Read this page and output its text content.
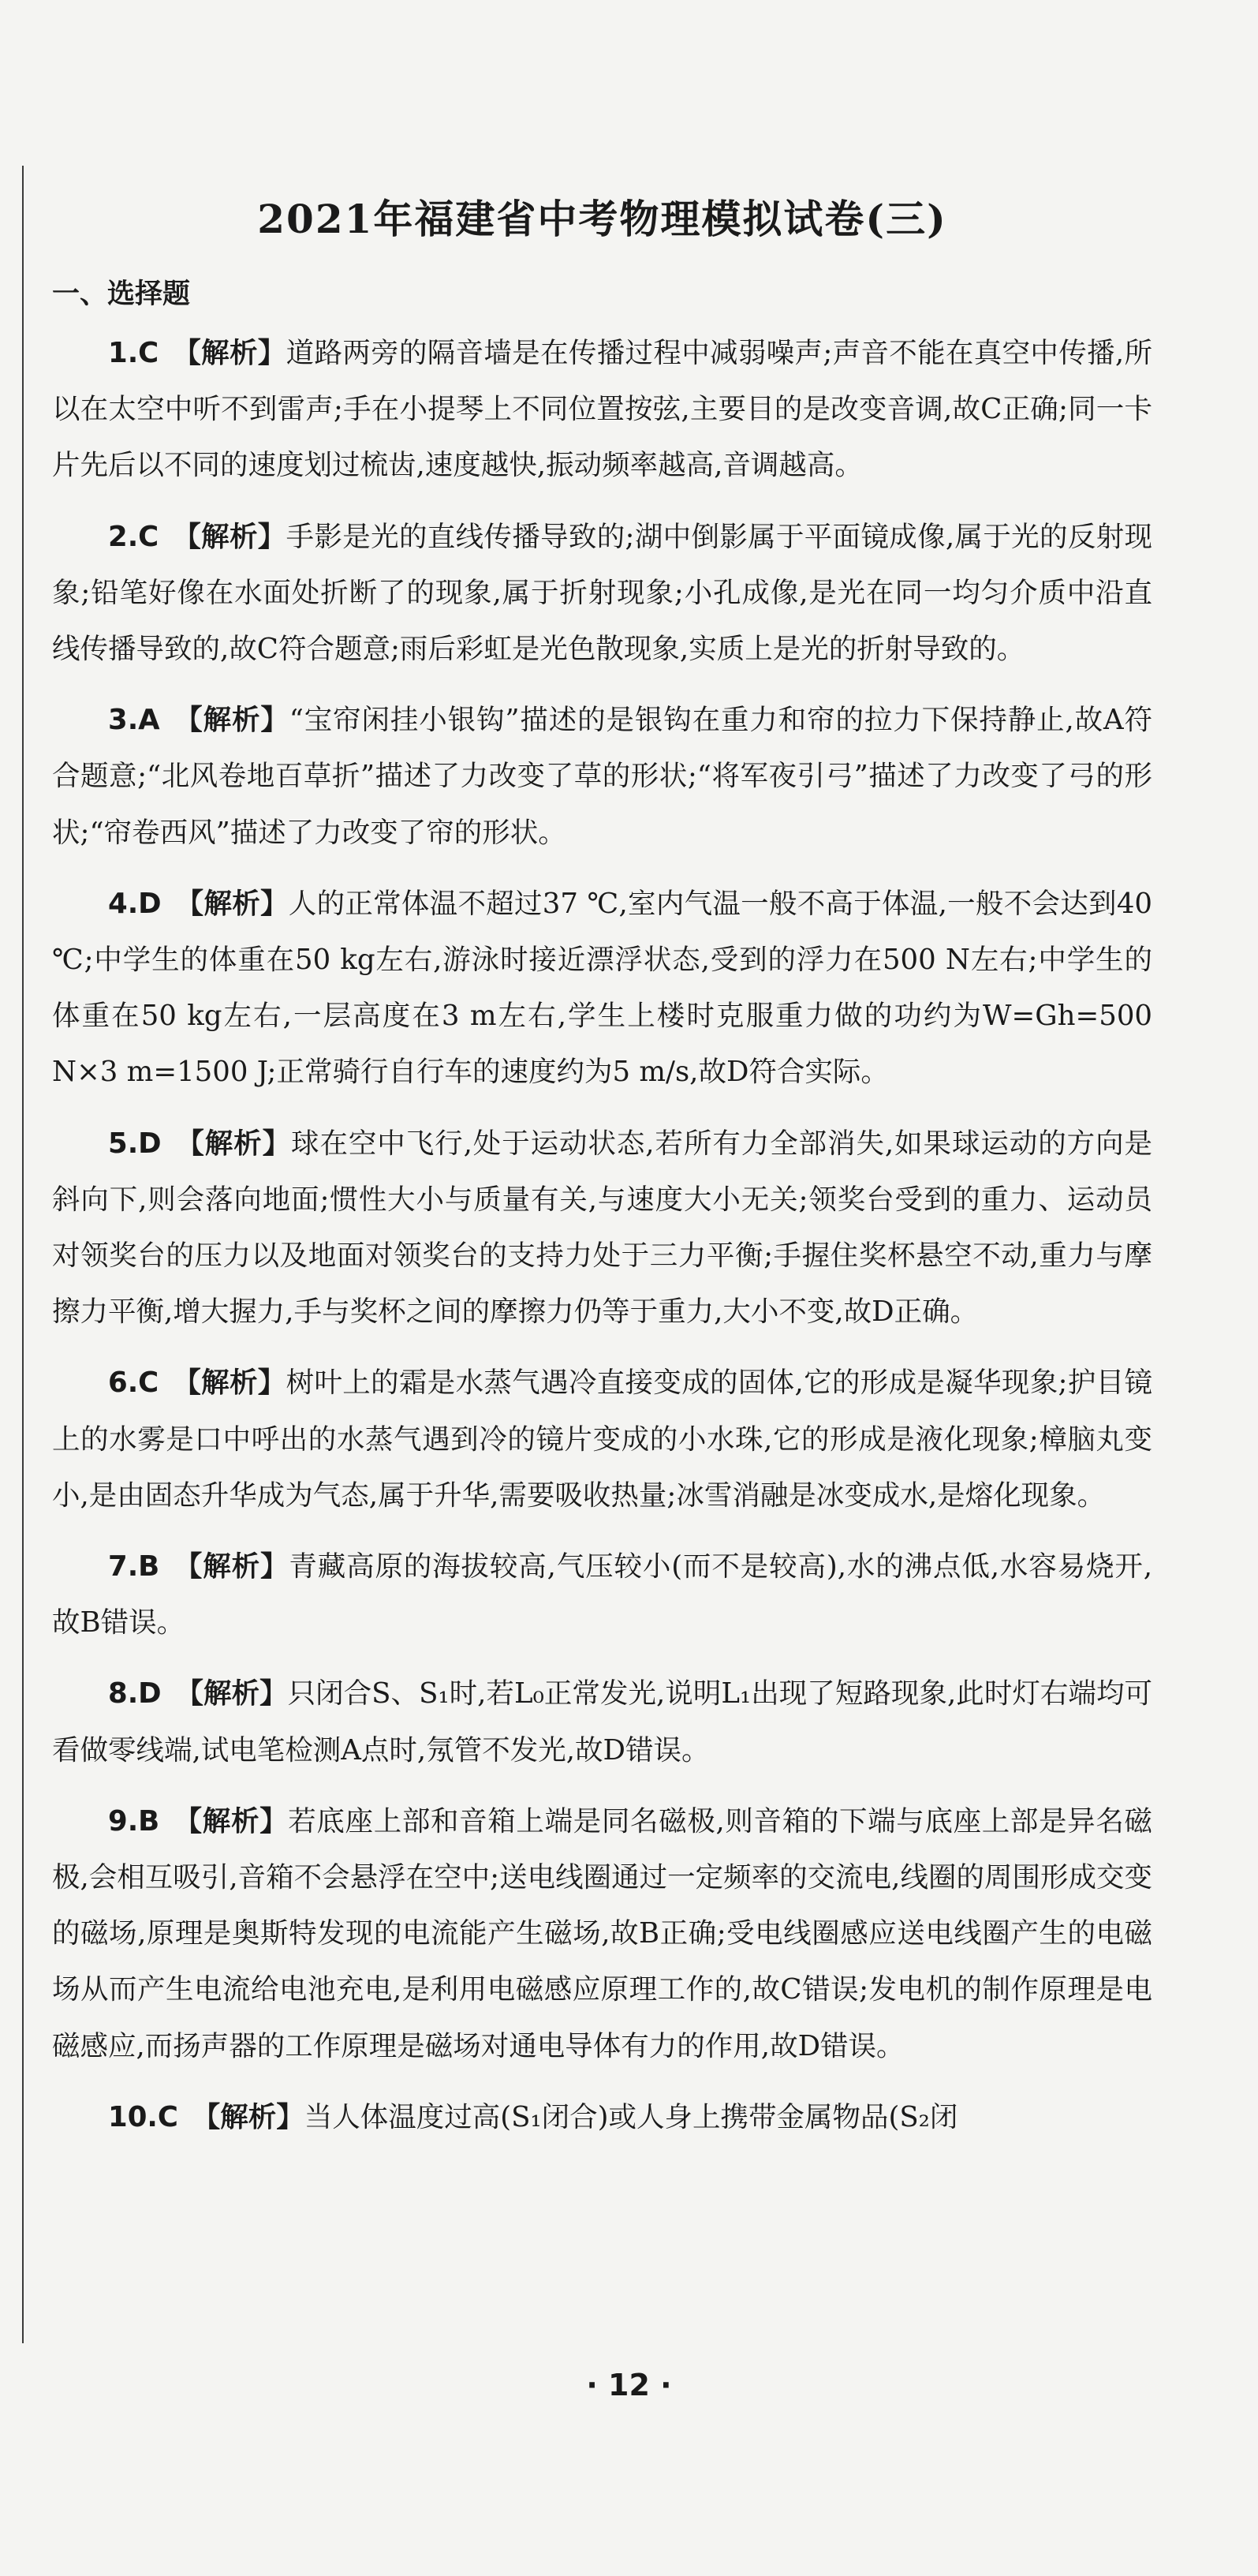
2021年福建省中考物理模拟试卷(三)
一、选择题

1.C 【解析】道路两旁的隔音墙是在传播过程中减弱噪声;声音不能在真空中传播,所以在太空中听不到雷声;手在小提琴上不同位置按弦,主要目的是改变音调,故C正确;同一卡片先后以不同的速度划过梳齿,速度越快,振动频率越高,音调越高。

2.C 【解析】手影是光的直线传播导致的;湖中倒影属于平面镜成像,属于光的反射现象;铅笔好像在水面处折断了的现象,属于折射现象;小孔成像,是光在同一均匀介质中沿直线传播导致的,故C符合题意;雨后彩虹是光色散现象,实质上是光的折射导致的。

3.A 【解析】“宝帘闲挂小银钩”描述的是银钩在重力和帘的拉力下保持静止,故A符合题意;“北风卷地百草折”描述了力改变了草的形状;“将军夜引弓”描述了力改变了弓的形状;“帘卷西风”描述了力改变了帘的形状。

4.D 【解析】人的正常体温不超过37 ℃,室内气温一般不高于体温,一般不会达到40 ℃;中学生的体重在50 kg左右,游泳时接近漂浮状态,受到的浮力在500 N左右;中学生的体重在50 kg左右,一层高度在3 m左右,学生上楼时克服重力做的功约为W=Gh=500 N×3 m=1500 J;正常骑行自行车的速度约为5 m/s,故D符合实际。

5.D 【解析】球在空中飞行,处于运动状态,若所有力全部消失,如果球运动的方向是斜向下,则会落向地面;惯性大小与质量有关,与速度大小无关;领奖台受到的重力、运动员对领奖台的压力以及地面对领奖台的支持力处于三力平衡;手握住奖杯悬空不动,重力与摩擦力平衡,增大握力,手与奖杯之间的摩擦力仍等于重力,大小不变,故D正确。

6.C 【解析】树叶上的霜是水蒸气遇冷直接变成的固体,它的形成是凝华现象;护目镜上的水雾是口中呼出的水蒸气遇到冷的镜片变成的小水珠,它的形成是液化现象;樟脑丸变小,是由固态升华成为气态,属于升华,需要吸收热量;冰雪消融是冰变成水,是熔化现象。

7.B 【解析】青藏高原的海拔较高,气压较小(而不是较高),水的沸点低,水容易烧开,故B错误。

8.D 【解析】只闭合S、S₁时,若L₀正常发光,说明L₁出现了短路现象,此时灯右端均可看做零线端,试电笔检测A点时,氖管不发光,故D错误。

9.B 【解析】若底座上部和音箱上端是同名磁极,则音箱的下端与底座上部是异名磁极,会相互吸引,音箱不会悬浮在空中;送电线圈通过一定频率的交流电,线圈的周围形成交变的磁场,原理是奥斯特发现的电流能产生磁场,故B正确;受电线圈感应送电线圈产生的电磁场从而产生电流给电池充电,是利用电磁感应原理工作的,故C错误;发电机的制作原理是电磁感应,而扬声器的工作原理是磁场对通电导体有力的作用,故D错误。

10.C 【解析】当人体温度过高(S₁闭合)或人身上携带金属物品(S₂闭

· 12 ·
